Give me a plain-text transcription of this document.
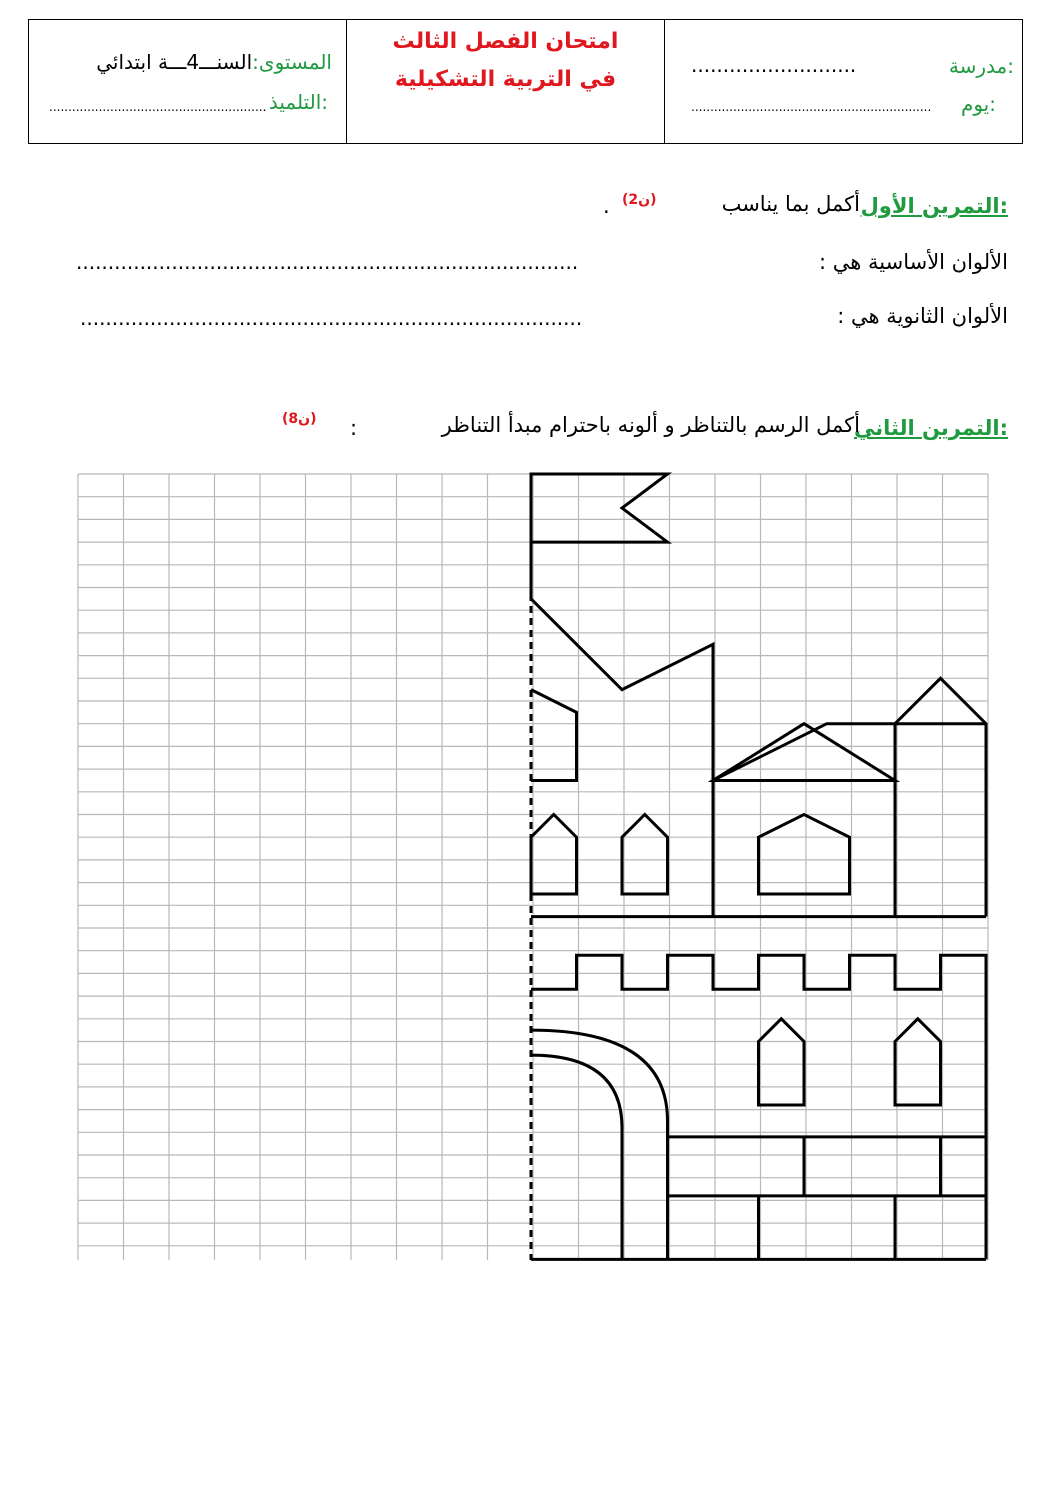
المستوى:السنـــ4ـــة ابتدائي
التلميذ:
.........................................................
امتحان الفصل الثالث
في التربية التشكيلية
مدرسة:
..........................
يوم:
...............................................................
التمرين الأول:
أكمل بما يناسب
(2ن)
.
الألوان الأساسية هي :
...............................................................................
الألوان الثانوية هي :
...............................................................................
التمرين الثاني:
أكمل الرسم بالتناظر و ألونه باحترام مبدأ التناظر
:
(8ن)
